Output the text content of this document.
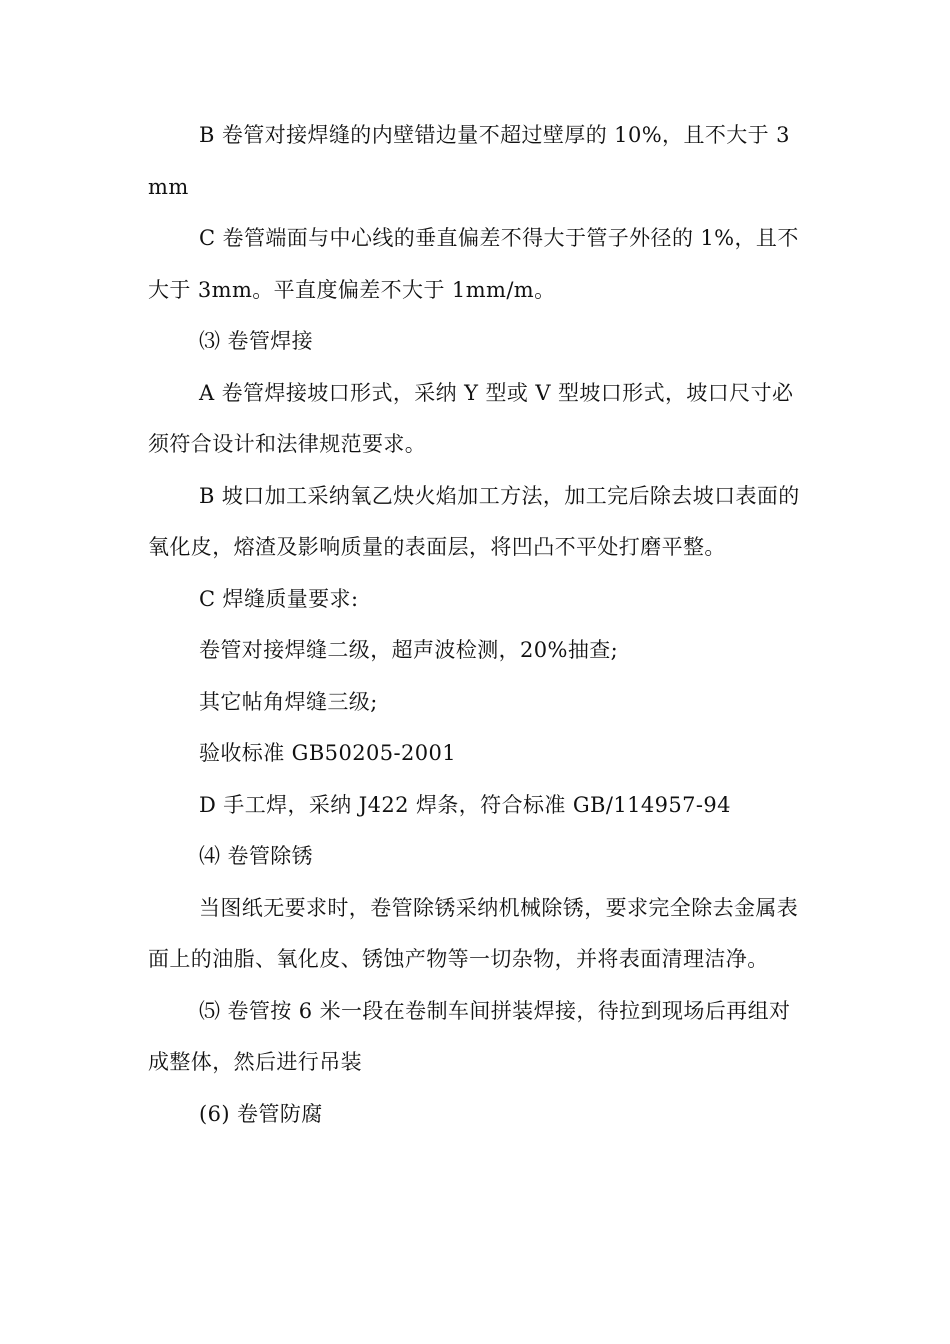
B 卷管对接焊缝的内壁错边量不超过壁厚的 10%，且不大于 3mm

C 卷管端面与中心线的垂直偏差不得大于管子外径的 1%，且不大于 3mm。平直度偏差不大于 1mm/m。

⑶ 卷管焊接

A 卷管焊接坡口形式，采纳 Y 型或 V 型坡口形式，坡口尺寸必须符合设计和法律规范要求。

B 坡口加工采纳氧乙炔火焰加工方法，加工完后除去坡口表面的氧化皮，熔渣及影响质量的表面层，将凹凸不平处打磨平整。

C 焊缝质量要求:

卷管对接焊缝二级，超声波检测，20%抽查;

其它帖角焊缝三级;

验收标准 GB50205-2001

D 手工焊，采纳 J422 焊条，符合标准 GB/114957-94

⑷ 卷管除锈

当图纸无要求时，卷管除锈采纳机械除锈，要求完全除去金属表面上的油脂、氧化皮、锈蚀产物等一切杂物，并将表面清理洁净。

⑸ 卷管按 6 米一段在卷制车间拼装焊接，待拉到现场后再组对成整体，然后进行吊装

(6) 卷管防腐
